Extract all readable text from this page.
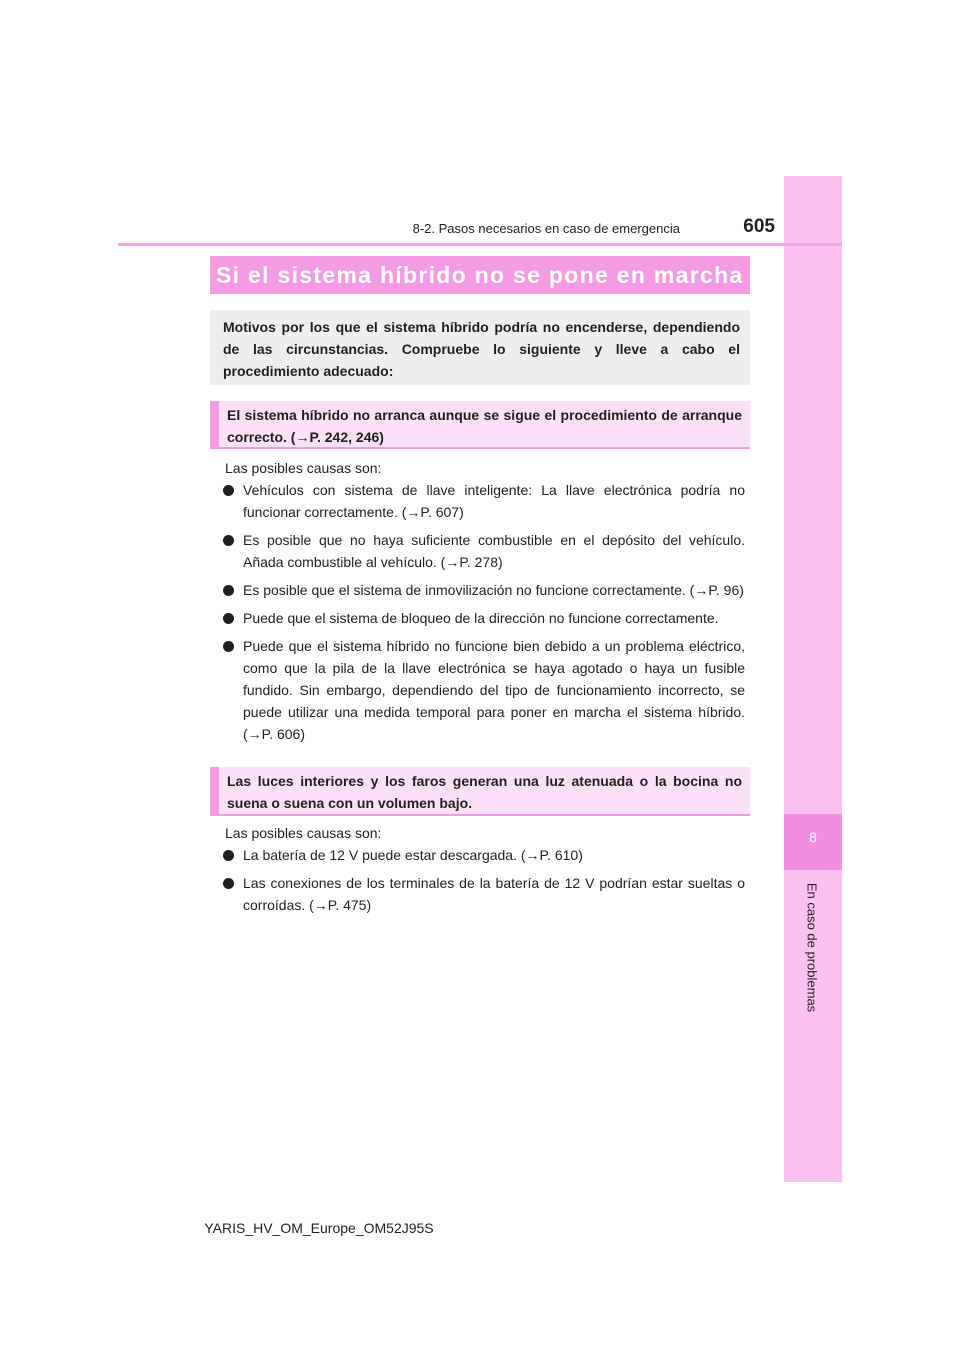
8
En caso de problemas
8-2. Pasos necesarios en caso de emergencia	605
Si el sistema híbrido no se pone en marcha
Motivos por los que el sistema híbrido podría no encenderse, dependiendo de las circunstancias. Compruebe lo siguiente y lleve a cabo el procedimiento adecuado:
El sistema híbrido no arranca aunque se sigue el procedimiento de arranque correcto. (→P. 242, 246)
Las posibles causas son:
Vehículos con sistema de llave inteligente: La llave electrónica podría no funcionar correctamente. (→P. 607)
Es posible que no haya suficiente combustible en el depósito del vehículo. Añada combustible al vehículo. (→P. 278)
Es posible que el sistema de inmovilización no funcione correctamente. (→P. 96)
Puede que el sistema de bloqueo de la dirección no funcione correctamente.
Puede que el sistema híbrido no funcione bien debido a un problema eléctrico, como que la pila de la llave electrónica se haya agotado o haya un fusible fundido. Sin embargo, dependiendo del tipo de funcionamiento incorrecto, se puede utilizar una medida temporal para poner en marcha el sistema híbrido. (→P. 606)
Las luces interiores y los faros generan una luz atenuada o la bocina no suena o suena con un volumen bajo.
Las posibles causas son:
La batería de 12 V puede estar descargada. (→P. 610)
Las conexiones de los terminales de la batería de 12 V podrían estar sueltas o corroídas. (→P. 475)
YARIS_HV_OM_Europe_OM52J95S
